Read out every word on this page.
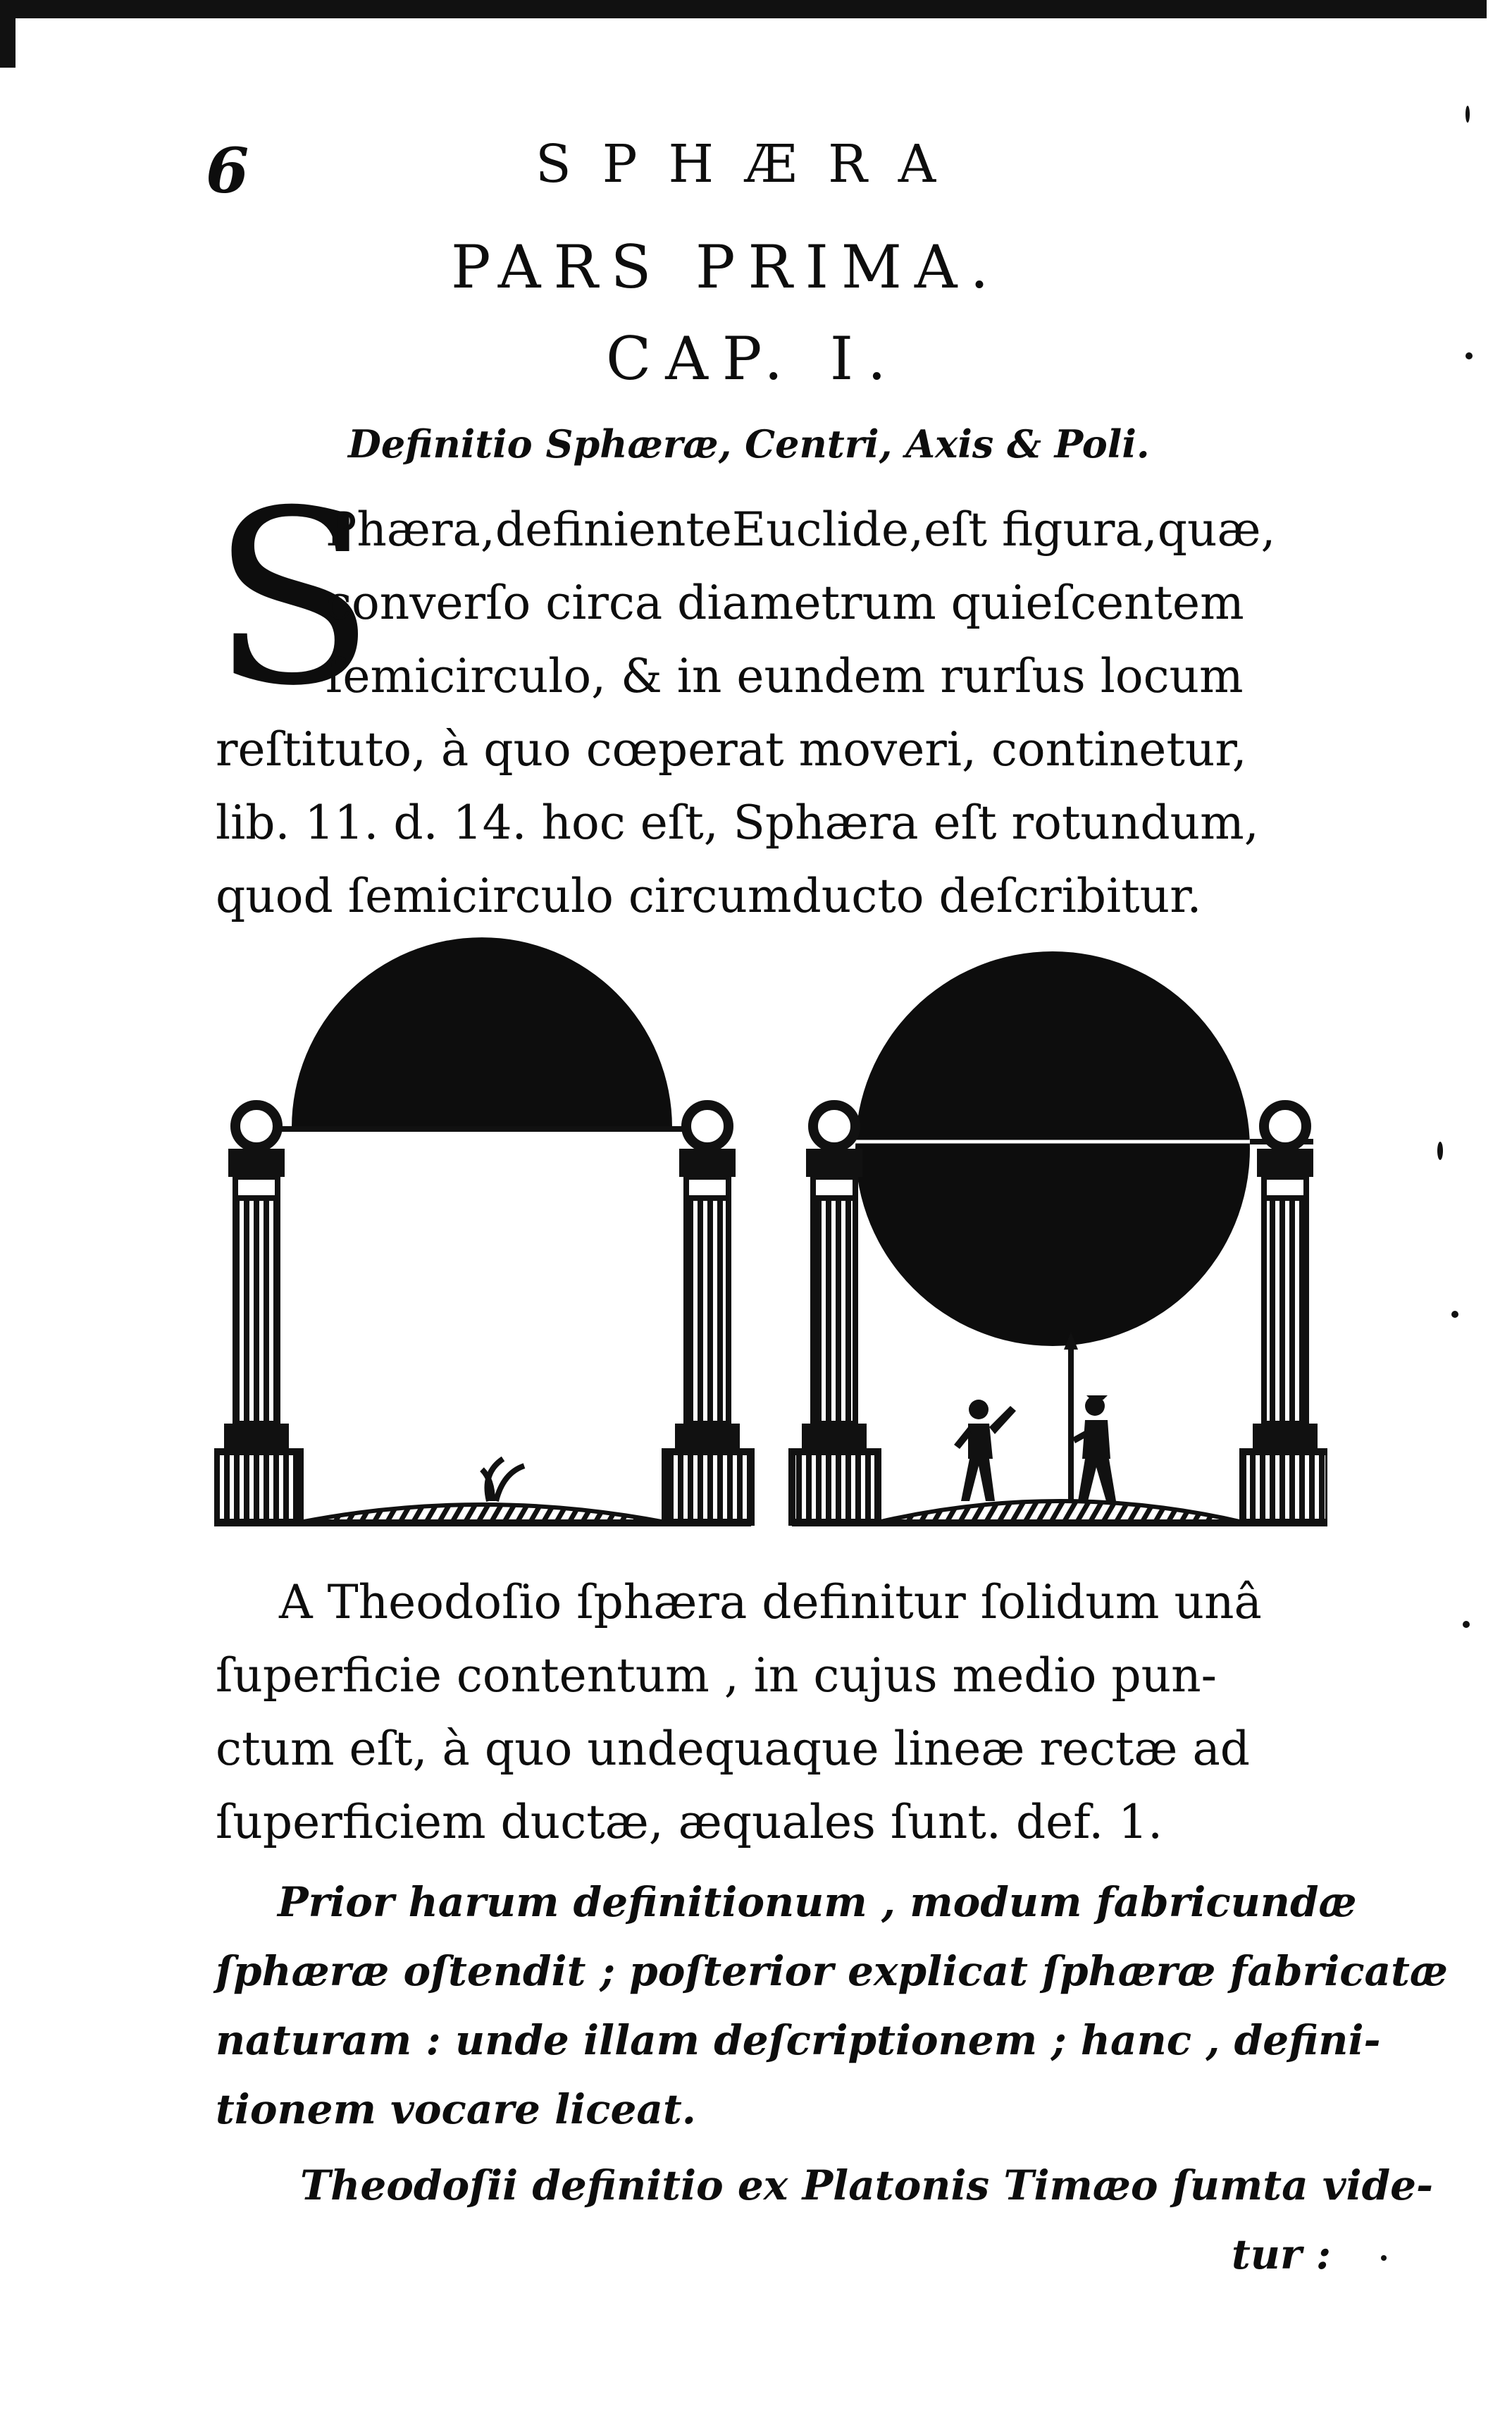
6	SPHÆRA
PARS PRIMA.
CAP. I.
Definitio Sphæræ, Centri, Axis & Poli.
S
Phæra,definienteEuclide,eſt figura,quæ,
converſo circa diametrum quieſcentem
ſemicirculo, & in eundem rurſus locum
reſtituto, à quo cœperat moveri, continetur,
lib. 11. d. 14. hoc eſt, Sphæra eſt rotundum,
quod ſemicirculo circumducto deſcribitur.
A Theodoſio ſphæra definitur ſolidum unâ
ſuperficie contentum , in cujus medio pun-
ctum eſt, à quo undequaque lineæ rectæ ad
ſuperficiem ductæ, æquales ſunt. def. 1.
Prior harum definitionum , modum fabricundæ
ſphæræ oſtendit ; poſterior explicat ſphæræ fabricatæ
naturam : unde illam deſcriptionem ; hanc , defini-
tionem vocare liceat.
Theodoſii definitio ex Platonis Timæo ſumta vide-
tur :
